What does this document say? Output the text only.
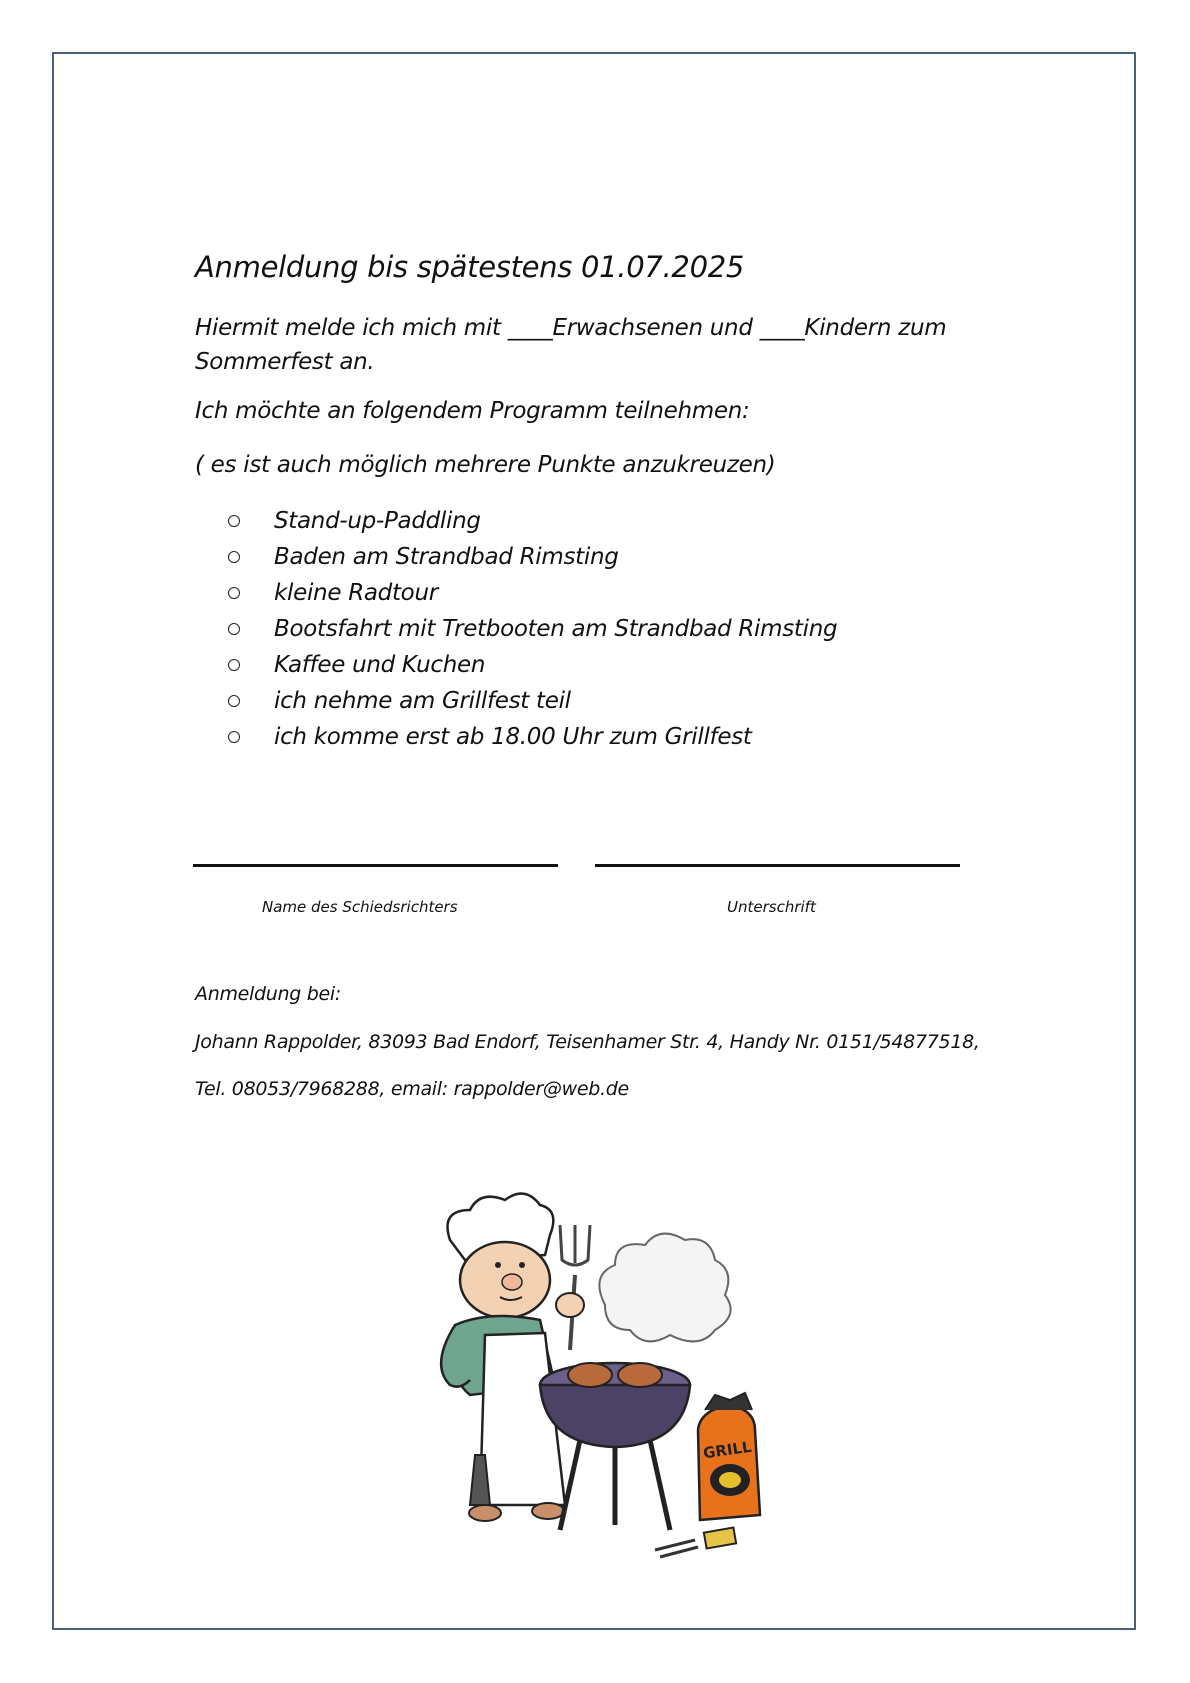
Anmeldung bis spätestens 01.07.2025
Hiermit melde ich mich mit ____Erwachsenen und ____Kindern zum Sommerfest an.
Ich möchte an folgendem Programm teilnehmen:
( es ist auch möglich mehrere Punkte anzukreuzen)
Stand-up-Paddling
Baden am Strandbad Rimsting
kleine Radtour
Bootsfahrt mit Tretbooten am Strandbad Rimsting
Kaffee und Kuchen
ich nehme am Grillfest teil
ich komme erst ab 18.00 Uhr zum Grillfest
Name des Schiedsrichters	Unterschrift
Anmeldung bei:
Johann Rappolder, 83093 Bad Endorf, Teisenhamer Str. 4, Handy Nr. 0151/54877518,
Tel. 08053/7968288, email: rappolder@web.de
GRILL
